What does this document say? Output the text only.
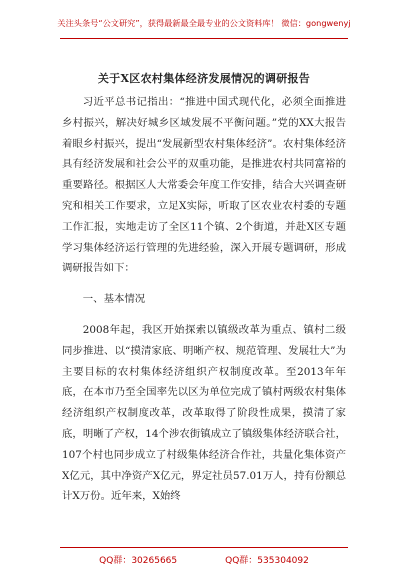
关注头条号“公文研究”，获得最新最全最专业的公文资料库！ 微信：gongwenyj
关于X区农村集体经济发展情况的调研报告

习近平总书记指出：“推进中国式现代化，必须全面推进乡村振兴，解决好城乡区域发展不平衡问题。”党的XX大报告着眼乡村振兴，提出“发展新型农村集体经济”。农村集体经济具有经济发展和社会公平的双重功能，是推进农村共同富裕的重要路径。根据区人大常委会年度工作安排，结合大兴调查研究和相关工作要求，立足X实际，听取了区农业农村委的专题工作汇报，实地走访了全区11个镇、2个街道，并赴X区专题学习集体经济运行管理的先进经验，深入开展专题调研，形成调研报告如下：

一、基本情况

2008年起，我区开始探索以镇级改革为重点、镇村二级同步推进、以“摸清家底、明晰产权、规范管理、发展壮大”为主要目标的农村集体经济组织产权制度改革。至2013年年底，在本市乃至全国率先以区为单位完成了镇村两级农村集体经济组织产权制度改革，改革取得了阶段性成果，摸清了家底，明晰了产权，14个涉农街镇成立了镇级集体经济联合社，107个村也同步成立了村级集体经济合作社，共量化集体资产X亿元，其中净资产X亿元，界定社员57.01万人，持有份额总计X万份。近年来，X始终

QQ群：30265665	QQ群：535304092
